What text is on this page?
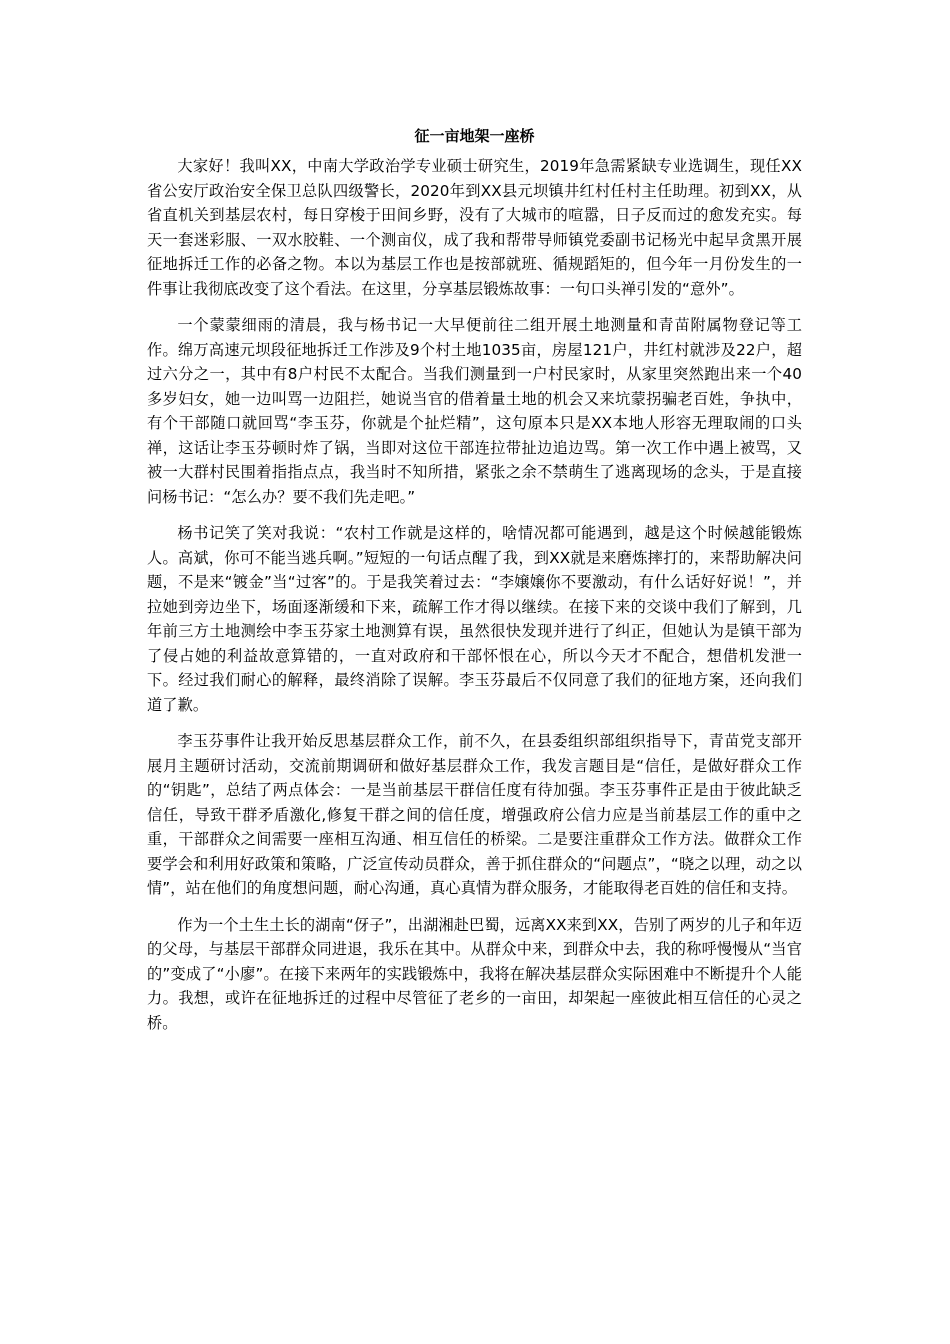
征一亩地架一座桥

大家好！我叫XX，中南大学政治学专业硕士研究生，2019年急需紧缺专业选调生，现任XX省公安厅政治安全保卫总队四级警长，2020年到XX县元坝镇井红村任村主任助理。初到XX，从省直机关到基层农村，每日穿梭于田间乡野，没有了大城市的喧嚣，日子反而过的愈发充实。每天一套迷彩服、一双水胶鞋、一个测亩仪，成了我和帮带导师镇党委副书记杨光中起早贪黑开展征地拆迁工作的必备之物。本以为基层工作也是按部就班、循规蹈矩的，但今年一月份发生的一件事让我彻底改变了这个看法。在这里，分享基层锻炼故事：一句口头禅引发的“意外”。

一个蒙蒙细雨的清晨，我与杨书记一大早便前往二组开展土地测量和青苗附属物登记等工作。绵万高速元坝段征地拆迁工作涉及9个村土地1035亩，房屋121户，井红村就涉及22户，超过六分之一，其中有8户村民不太配合。当我们测量到一户村民家时，从家里突然跑出来一个40多岁妇女，她一边叫骂一边阻拦，她说当官的借着量土地的机会又来坑蒙拐骗老百姓，争执中，有个干部随口就回骂“李玉芬，你就是个扯烂精”，这句原本只是XX本地人形容无理取闹的口头禅，这话让李玉芬顿时炸了锅，当即对这位干部连拉带扯边追边骂。第一次工作中遇上被骂，又被一大群村民围着指指点点，我当时不知所措，紧张之余不禁萌生了逃离现场的念头，于是直接问杨书记：“怎么办？要不我们先走吧。”

杨书记笑了笑对我说：“农村工作就是这样的，啥情况都可能遇到，越是这个时候越能锻炼人。高斌，你可不能当逃兵啊。”短短的一句话点醒了我，到XX就是来磨炼摔打的，来帮助解决问题，不是来“镀金”当“过客”的。于是我笑着过去：“李嬢嬢你不要激动，有什么话好好说！”，并拉她到旁边坐下，场面逐渐缓和下来，疏解工作才得以继续。在接下来的交谈中我们了解到，几年前三方土地测绘中李玉芬家土地测算有误，虽然很快发现并进行了纠正，但她认为是镇干部为了侵占她的利益故意算错的，一直对政府和干部怀恨在心，所以今天才不配合，想借机发泄一下。经过我们耐心的解释，最终消除了误解。李玉芬最后不仅同意了我们的征地方案，还向我们道了歉。

李玉芬事件让我开始反思基层群众工作，前不久，在县委组织部组织指导下，青苗党支部开展月主题研讨活动，交流前期调研和做好基层群众工作，我发言题目是“信任，是做好群众工作的“钥匙”，总结了两点体会：一是当前基层干群信任度有待加强。李玉芬事件正是由于彼此缺乏信任，导致干群矛盾激化,修复干群之间的信任度，增强政府公信力应是当前基层工作的重中之重，干部群众之间需要一座相互沟通、相互信任的桥梁。二是要注重群众工作方法。做群众工作要学会和利用好政策和策略，广泛宣传动员群众，善于抓住群众的“问题点”，“晓之以理，动之以情”，站在他们的角度想问题，耐心沟通，真心真情为群众服务，才能取得老百姓的信任和支持。

作为一个土生土长的湖南“伢子”，出湖湘赴巴蜀，远离XX来到XX，告别了两岁的儿子和年迈的父母，与基层干部群众同进退，我乐在其中。从群众中来，到群众中去，我的称呼慢慢从“当官的”变成了“小廖”。在接下来两年的实践锻炼中，我将在解决基层群众实际困难中不断提升个人能力。我想，或许在征地拆迁的过程中尽管征了老乡的一亩田，却架起一座彼此相互信任的心灵之桥。
